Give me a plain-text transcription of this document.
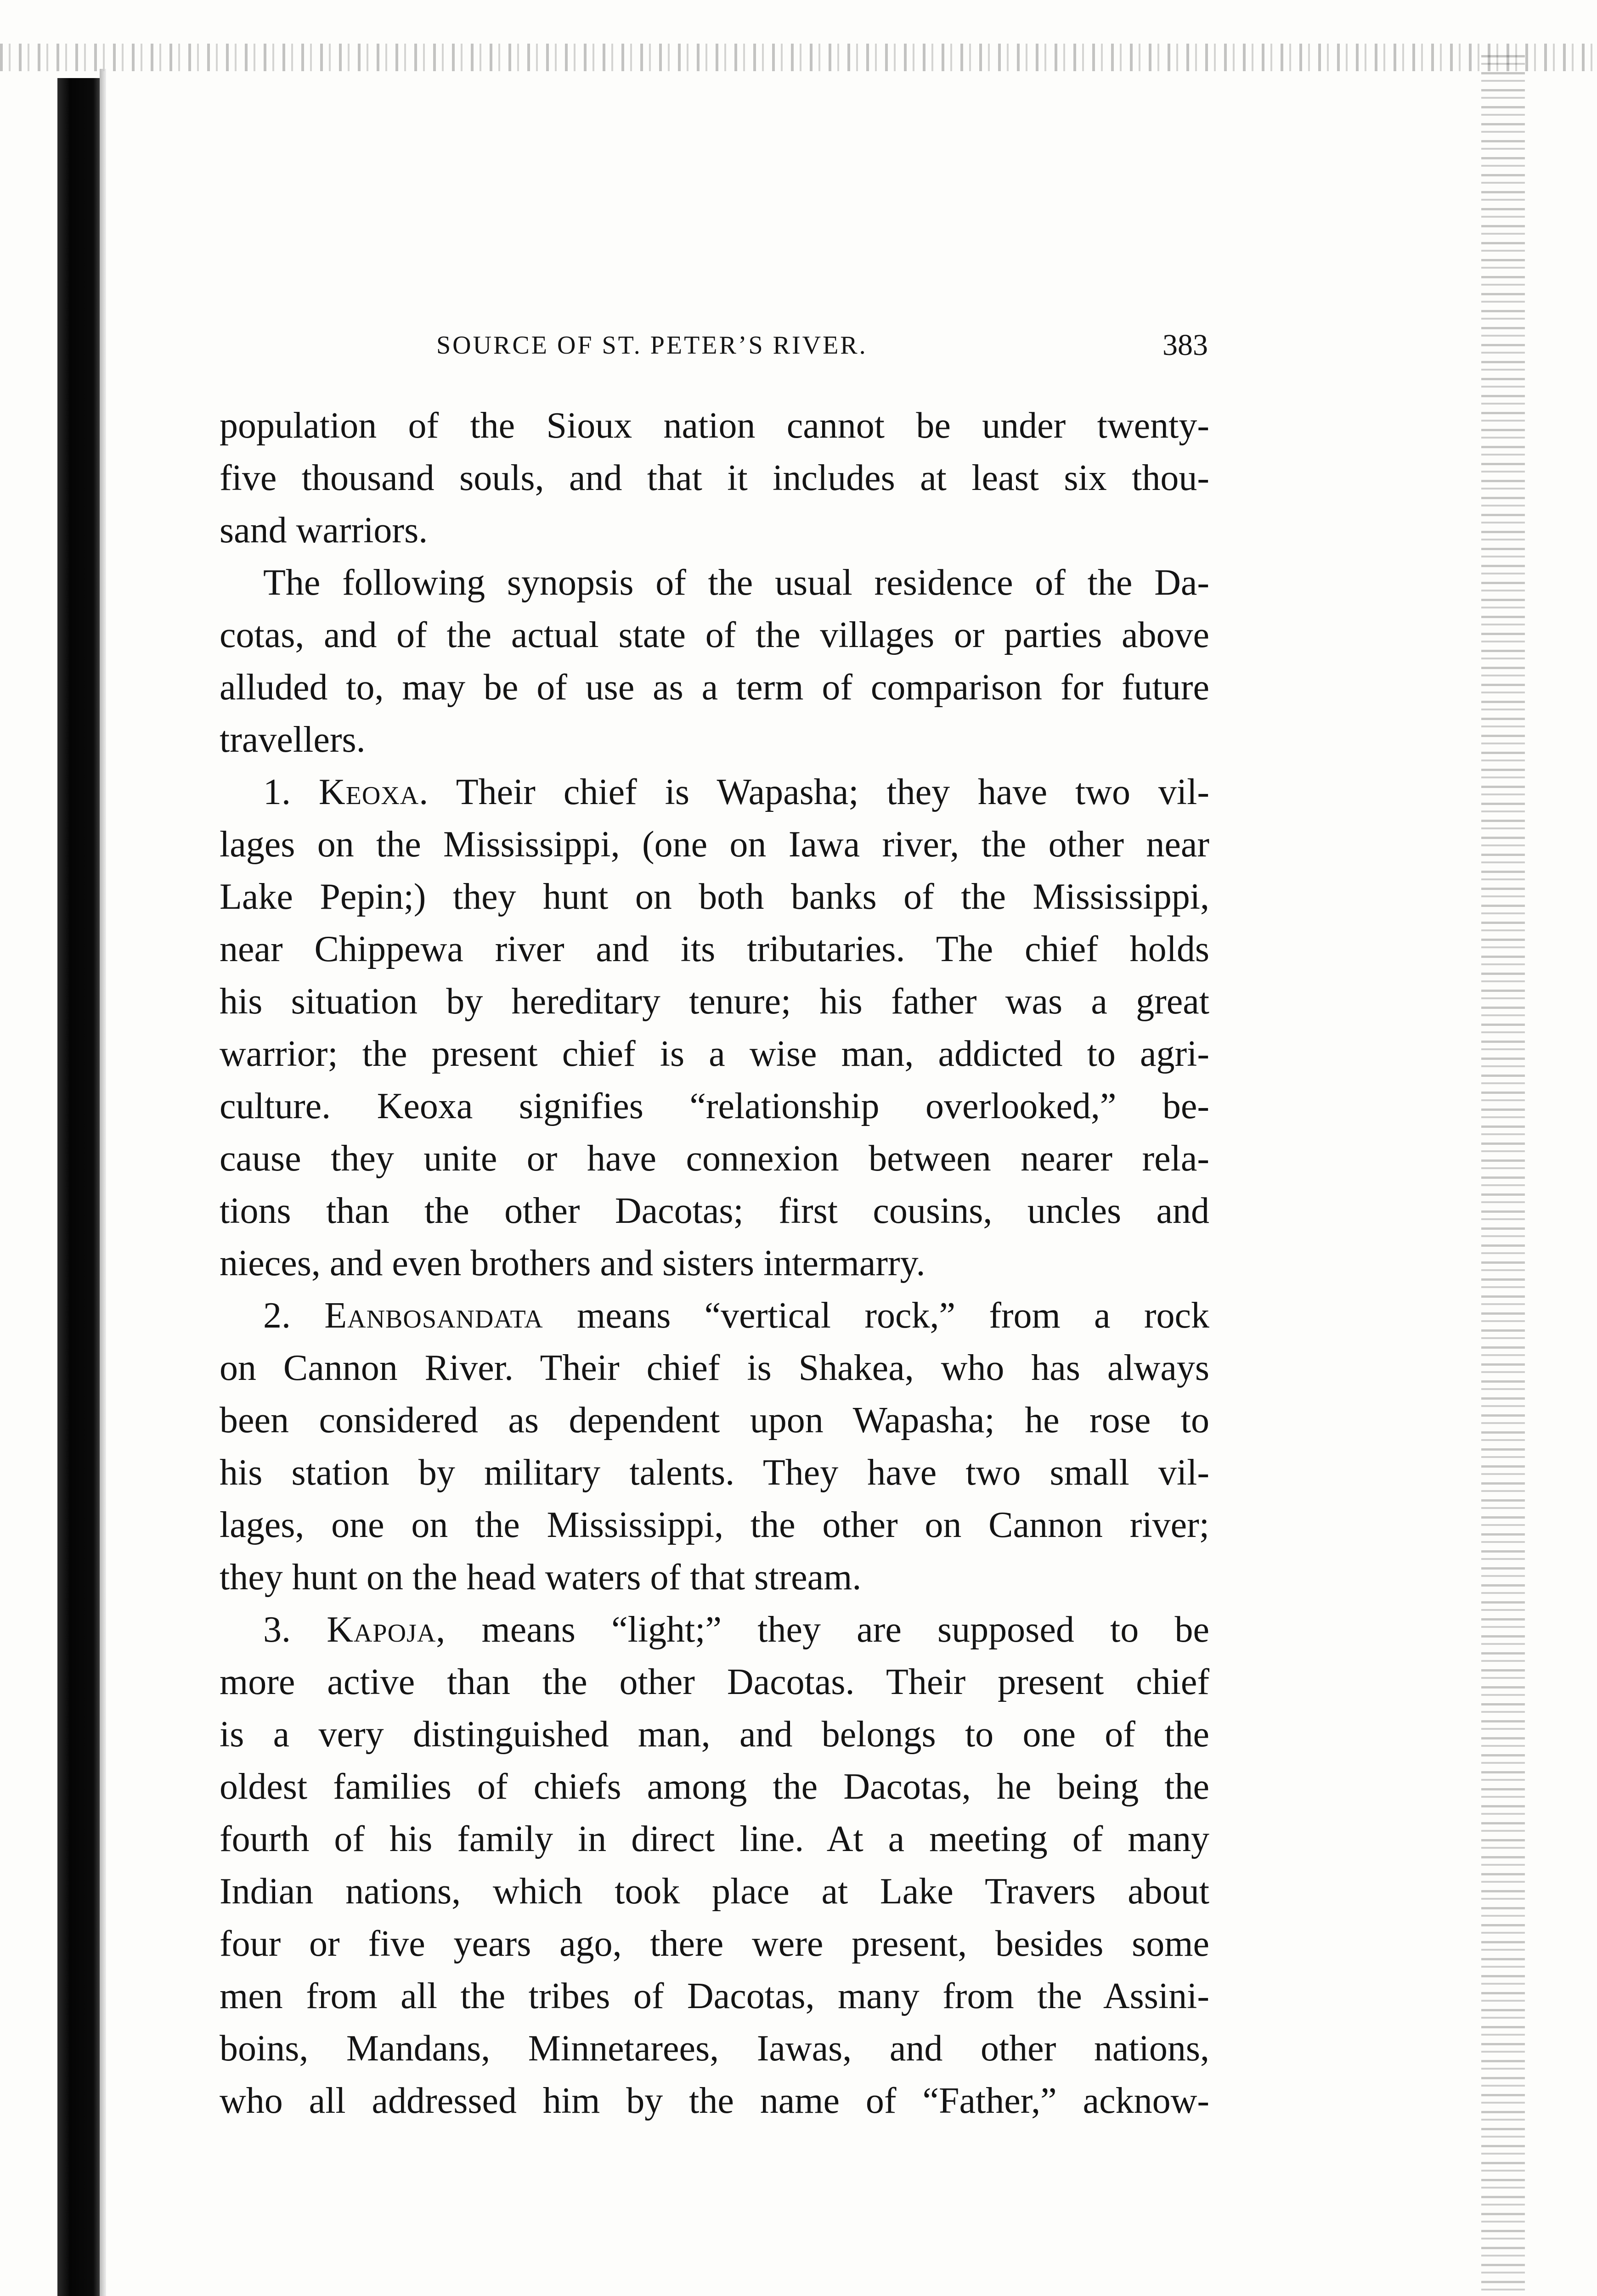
SOURCE OF ST. PETER’S RIVER.	383
population of the Sioux nation cannot be under twenty-
five thousand souls, and that it includes at least six thou-
sand warriors.
The following synopsis of the usual residence of the Da-
cotas, and of the actual state of the villages or parties above
alluded to, may be of use as a term of comparison for future
travellers.
1. Keoxa. Their chief is Wapasha; they have two vil-
lages on the Mississippi, (one on Iawa river, the other near
Lake Pepin;) they hunt on both banks of the Mississippi,
near Chippewa river and its tributaries. The chief holds
his situation by hereditary tenure; his father was a great
warrior; the present chief is a wise man, addicted to agri-
culture. Keoxa signifies “relationship overlooked,” be-
cause they unite or have connexion between nearer rela-
tions than the other Dacotas; first cousins, uncles and
nieces, and even brothers and sisters intermarry.
2. Eanbosandata means “vertical rock,” from a rock
on Cannon River. Their chief is Shakea, who has always
been considered as dependent upon Wapasha; he rose to
his station by military talents. They have two small vil-
lages, one on the Mississippi, the other on Cannon river;
they hunt on the head waters of that stream.
3. Kapoja, means “light;” they are supposed to be
more active than the other Dacotas. Their present chief
is a very distinguished man, and belongs to one of the
oldest families of chiefs among the Dacotas, he being the
fourth of his family in direct line. At a meeting of many
Indian nations, which took place at Lake Travers about
four or five years ago, there were present, besides some
men from all the tribes of Dacotas, many from the Assini-
boins, Mandans, Minnetarees, Iawas, and other nations,
who all addressed him by the name of “Father,” acknow-
